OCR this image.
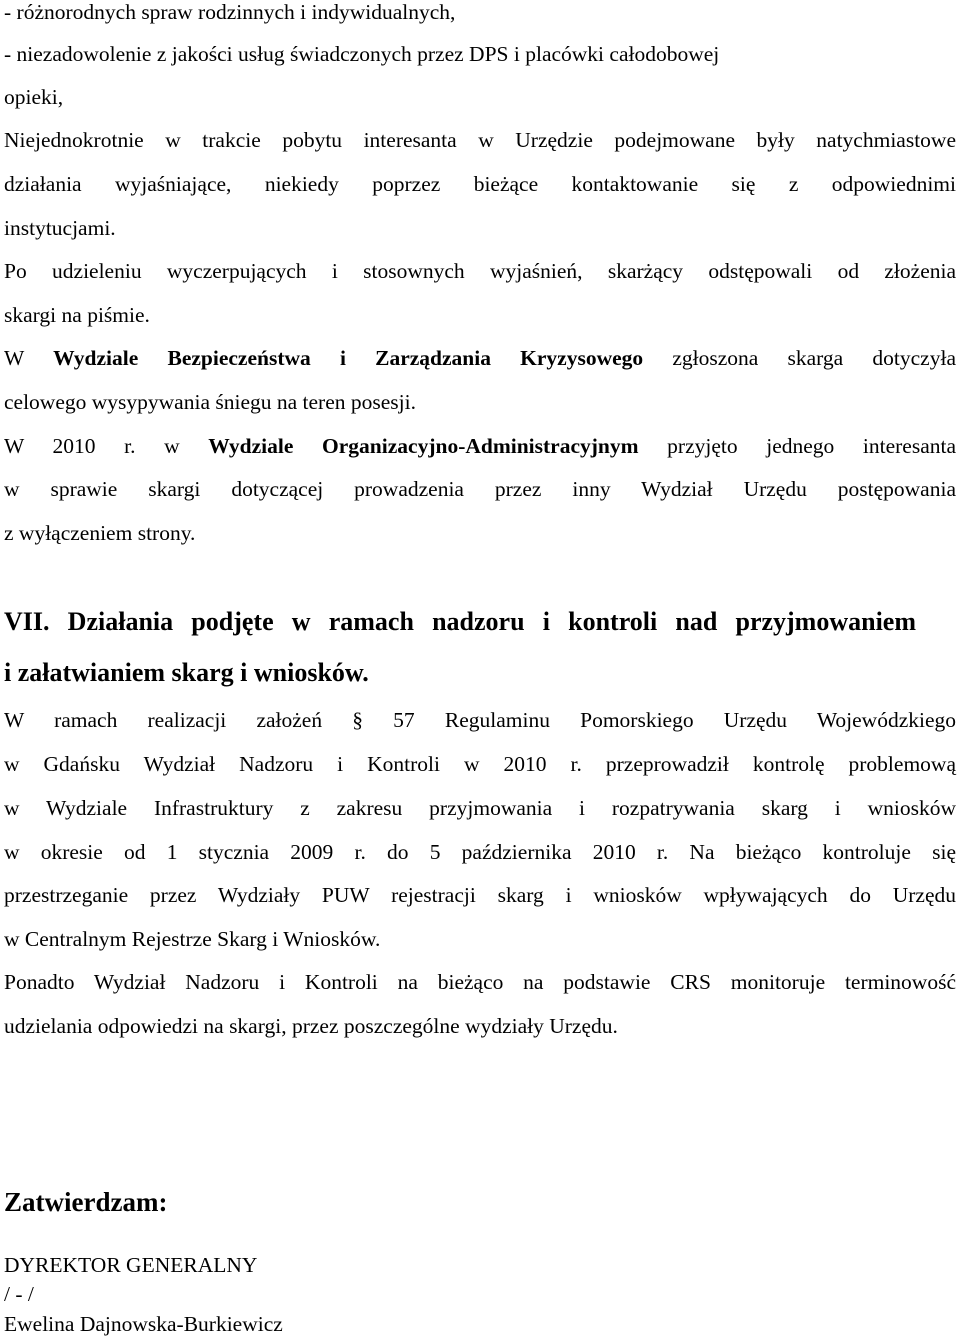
- różnorodnych spraw rodzinnych i indywidualnych,
- niezadowolenie z jakości usług świadczonych przez DPS i placówki całodobowej
opieki,
Niejednokrotnie w trakcie pobytu interesanta w Urzędzie podejmowane były natychmiastowe
działania wyjaśniające, niekiedy poprzez bieżące kontaktowanie się z odpowiednimi
instytucjami.
Po udzieleniu wyczerpujących i stosownych wyjaśnień, skarżący odstępowali od złożenia
skargi na piśmie.
W Wydziale Bezpieczeństwa i Zarządzania Kryzysowego zgłoszona skarga dotyczyła
celowego wysypywania śniegu na teren posesji.
W 2010 r. w Wydziale Organizacyjno-Administracyjnym przyjęto jednego interesanta
w sprawie skargi dotyczącej prowadzenia przez inny Wydział Urzędu postępowania
z wyłączeniem strony.
VII. Działania podjęte w ramach nadzoru i kontroli nad przyjmowaniem
i załatwianiem skarg i wniosków.
W ramach realizacji założeń § 57 Regulaminu Pomorskiego Urzędu Wojewódzkiego
w Gdańsku Wydział Nadzoru i Kontroli w 2010 r. przeprowadził kontrolę problemową
w Wydziale Infrastruktury z zakresu przyjmowania i rozpatrywania skarg i wniosków
w okresie od 1 stycznia 2009 r. do 5 października 2010 r. Na bieżąco kontroluje się
przestrzeganie przez Wydziały PUW rejestracji skarg i wniosków wpływających do Urzędu
w Centralnym Rejestrze Skarg i Wniosków.
Ponadto Wydział Nadzoru i Kontroli na bieżąco na podstawie CRS monitoruje terminowość
udzielania odpowiedzi na skargi, przez poszczególne wydziały Urzędu.
Zatwierdzam:
DYREKTOR GENERALNY
/ - /
Ewelina Dajnowska-Burkiewicz
